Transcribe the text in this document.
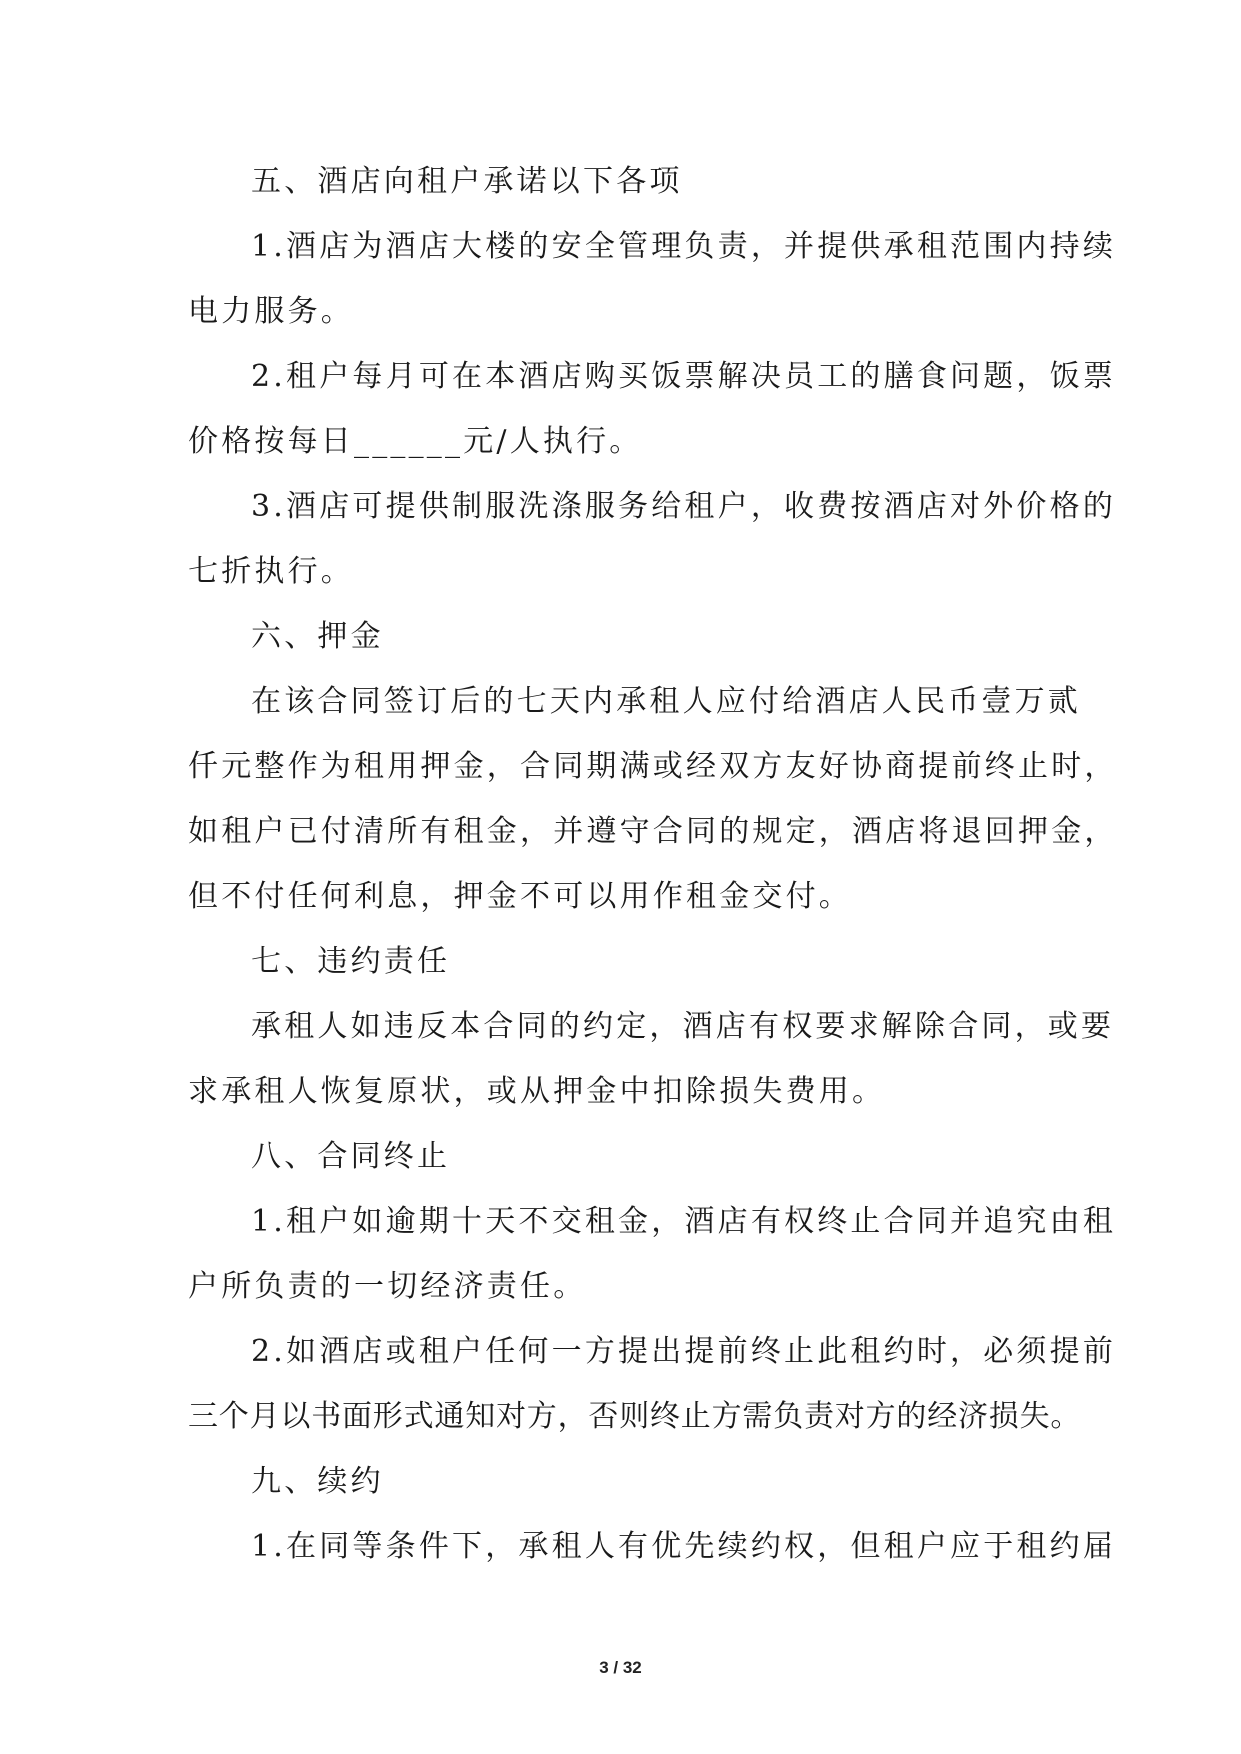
五、酒店向租户承诺以下各项
1.酒店为酒店大楼的安全管理负责，并提供承租范围内持续
电力服务。
2.租户每月可在本酒店购买饭票解决员工的膳食问题，饭票
价格按每日______元/人执行。
3.酒店可提供制服洗涤服务给租户，收费按酒店对外价格的
七折执行。
六、押金
在该合同签订后的七天内承租人应付给酒店人民币壹万贰
仟元整作为租用押金，合同期满或经双方友好协商提前终止时，
如租户已付清所有租金，并遵守合同的规定，酒店将退回押金，
但不付任何利息，押金不可以用作租金交付。
七、违约责任
承租人如违反本合同的约定，酒店有权要求解除合同，或要
求承租人恢复原状，或从押金中扣除损失费用。
八、合同终止
1.租户如逾期十天不交租金，酒店有权终止合同并追究由租
户所负责的一切经济责任。
2.如酒店或租户任何一方提出提前终止此租约时，必须提前
三个月以书面形式通知对方，否则终止方需负责对方的经济损失。
九、续约
1.在同等条件下，承租人有优先续约权，但租户应于租约届
3 / 32
